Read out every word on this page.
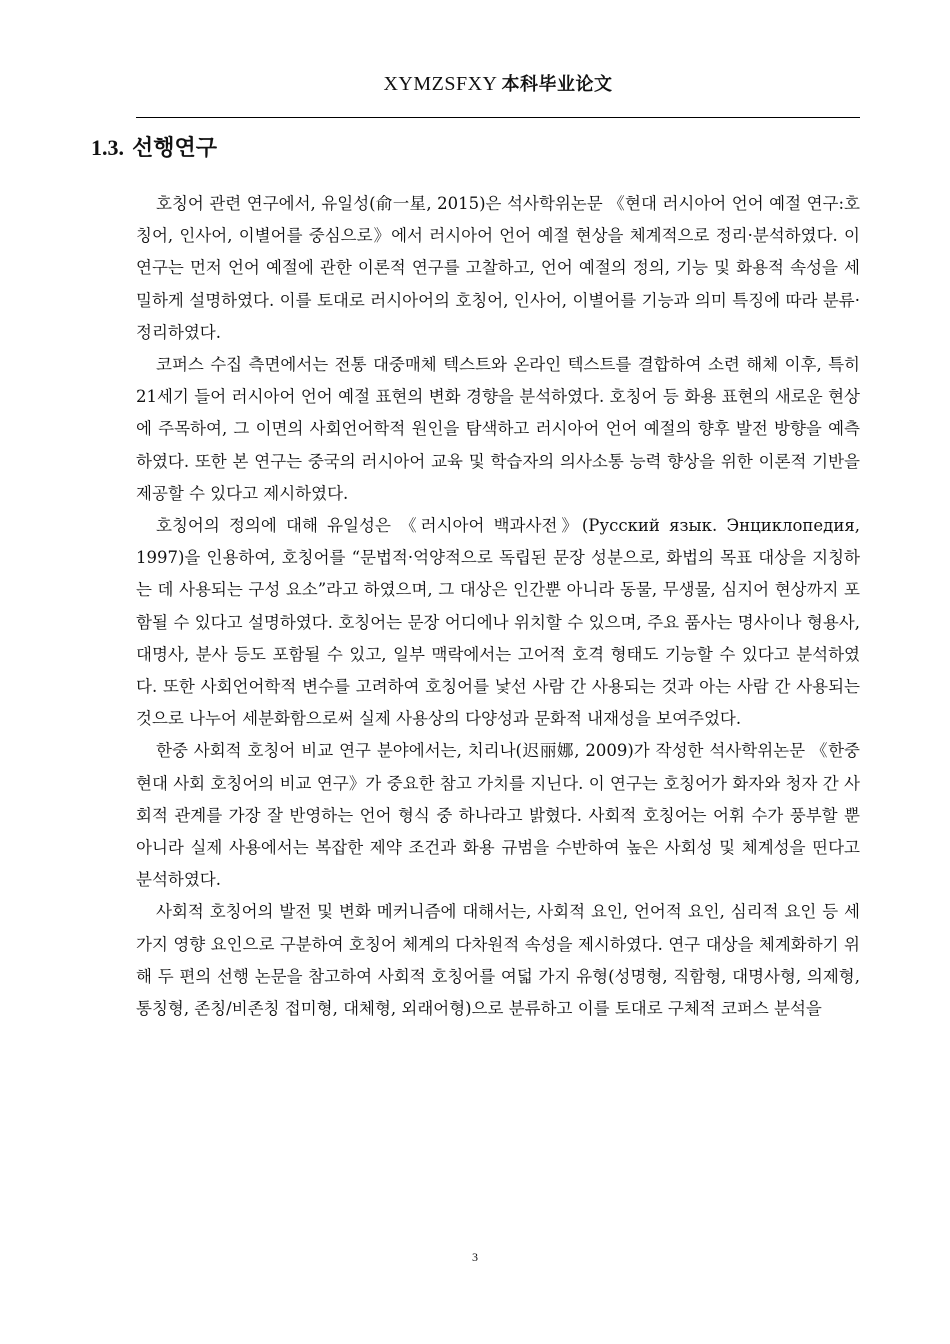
XYMZSFXY 本科毕业论文
1.3. 선행연구

호칭어 관련 연구에서, 유일성(俞一星, 2015)은 석사학위논문 《현대 러시아어 언어 예절 연구:호칭어, 인사어, 이별어를 중심으로》에서 러시아어 언어 예절 현상을 체계적으로 정리·분석하였다. 이 연구는 먼저 언어 예절에 관한 이론적 연구를 고찰하고, 언어 예절의 정의, 기능 및 화용적 속성을 세밀하게 설명하였다. 이를 토대로 러시아어의 호칭어, 인사어, 이별어를 기능과 의미 특징에 따라 분류·정리하였다.

코퍼스 수집 측면에서는 전통 대중매체 텍스트와 온라인 텍스트를 결합하여 소련 해체 이후, 특히 21세기 들어 러시아어 언어 예절 표현의 변화 경향을 분석하였다. 호칭어 등 화용 표현의 새로운 현상에 주목하여, 그 이면의 사회언어학적 원인을 탐색하고 러시아어 언어 예절의 향후 발전 방향을 예측하였다. 또한 본 연구는 중국의 러시아어 교육 및 학습자의 의사소통 능력 향상을 위한 이론적 기반을 제공할 수 있다고 제시하였다.

호칭어의 정의에 대해 유일성은 《러시아어 백과사전》(Русский язык. Энциклопедия, 1997)을 인용하여, 호칭어를 “문법적·억양적으로 독립된 문장 성분으로, 화법의 목표 대상을 지칭하는 데 사용되는 구성 요소”라고 하였으며, 그 대상은 인간뿐 아니라 동물, 무생물, 심지어 현상까지 포함될 수 있다고 설명하였다. 호칭어는 문장 어디에나 위치할 수 있으며, 주요 품사는 명사이나 형용사, 대명사, 분사 등도 포함될 수 있고, 일부 맥락에서는 고어적 호격 형태도 기능할 수 있다고 분석하였다. 또한 사회언어학적 변수를 고려하여 호칭어를 낯선 사람 간 사용되는 것과 아는 사람 간 사용되는 것으로 나누어 세분화함으로써 실제 사용상의 다양성과 문화적 내재성을 보여주었다.

한중 사회적 호칭어 비교 연구 분야에서는, 치리나(迟丽娜, 2009)가 작성한 석사학위논문 《한중 현대 사회 호칭어의 비교 연구》가 중요한 참고 가치를 지닌다. 이 연구는 호칭어가 화자와 청자 간 사회적 관계를 가장 잘 반영하는 언어 형식 중 하나라고 밝혔다. 사회적 호칭어는 어휘 수가 풍부할 뿐 아니라 실제 사용에서는 복잡한 제약 조건과 화용 규범을 수반하여 높은 사회성 및 체계성을 띤다고 분석하였다.

사회적 호칭어의 발전 및 변화 메커니즘에 대해서는, 사회적 요인, 언어적 요인, 심리적 요인 등 세 가지 영향 요인으로 구분하여 호칭어 체계의 다차원적 속성을 제시하였다. 연구 대상을 체계화하기 위해 두 편의 선행 논문을 참고하여 사회적 호칭어를 여덟 가지 유형(성명형, 직함형, 대명사형, 의제형, 통칭형, 존칭/비존칭 접미형, 대체형, 외래어형)으로 분류하고 이를 토대로 구체적 코퍼스 분석을

3
